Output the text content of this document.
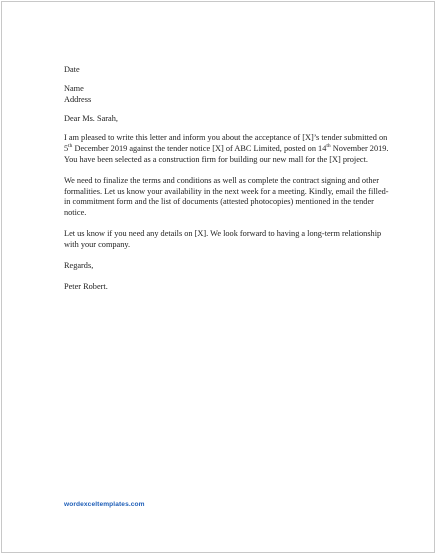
Date

Name

Address

Dear Ms. Sarah,

I am pleased to write this letter and inform you about the acceptance of [X]’s tender submitted on 5th December 2019 against the tender notice [X] of ABC Limited, posted on 14th November 2019. You have been selected as a construction firm for building our new mall for the [X] project.

We need to finalize the terms and conditions as well as complete the contract signing and other formalities. Let us know your availability in the next week for a meeting. Kindly, email the filled-in commitment form and the list of documents (attested photocopies) mentioned in the tender notice.

Let us know if you need any details on [X]. We look forward to having a long-term relationship with your company.

Regards,

Peter Robert.

wordexceltemplates.com
